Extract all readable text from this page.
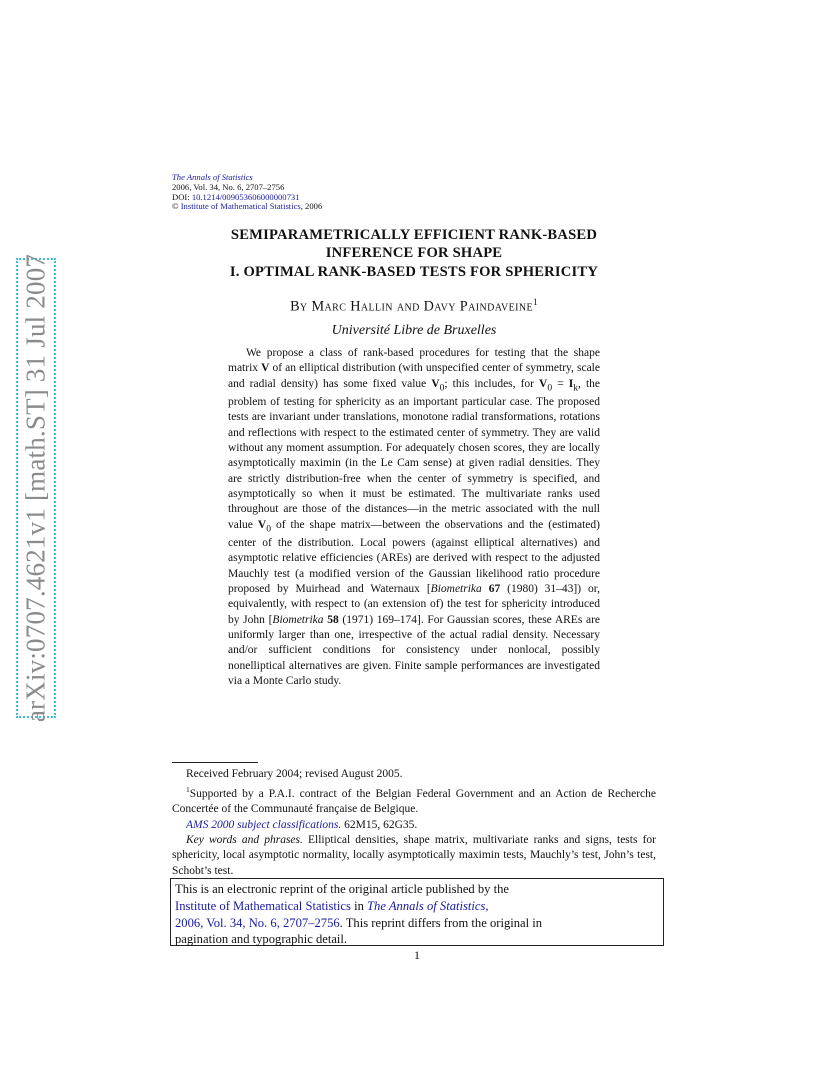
arXiv:0707.4621v1 [math.ST] 31 Jul 2007
The Annals of Statistics
2006, Vol. 34, No. 6, 2707–2756
DOI: 10.1214/009053606000000731
© Institute of Mathematical Statistics, 2006
SEMIPARAMETRICALLY EFFICIENT RANK-BASED
INFERENCE FOR SHAPE
I. OPTIMAL RANK-BASED TESTS FOR SPHERICITY
By Marc Hallin and Davy Paindaveine$^1$
Université Libre de Bruxelles
We propose a class of rank-based procedures for testing that the shape matrix V of an elliptical distribution (with unspecified center of symmetry, scale and radial density) has some fixed value $V_0$; this includes, for $V_0 = I_k$, the problem of testing for sphericity as an important particular case. The proposed tests are invariant under translations, monotone radial transformations, rotations and reflections with respect to the estimated center of symmetry. They are valid without any moment assumption. For adequately chosen scores, they are locally asymptotically maximin (in the Le Cam sense) at given radial densities. They are strictly distribution-free when the center of symmetry is specified, and asymptotically so when it must be estimated. The multivariate ranks used throughout are those of the distances—in the metric associated with the null value $V_0$ of the shape matrix—between the observations and the (estimated) center of the distribution. Local powers (against elliptical alternatives) and asymptotic relative efficiencies (AREs) are derived with respect to the adjusted Mauchly test (a modified version of the Gaussian likelihood ratio procedure proposed by Muirhead and Waternaux [Biometrika 67 (1980) 31–43]) or, equivalently, with respect to (an extension of) the test for sphericity introduced by John [Biometrika 58 (1971) 169–174]. For Gaussian scores, these AREs are uniformly larger than one, irrespective of the actual radial density. Necessary and/or sufficient conditions for consistency under nonlocal, possibly nonelliptical alternatives are given. Finite sample performances are investigated via a Monte Carlo study.
Received February 2004; revised August 2005.
$^1$Supported by a P.A.I. contract of the Belgian Federal Government and an Action de Recherche Concertée of the Communauté française de Belgique.
AMS 2000 subject classifications. 62M15, 62G35.
Key words and phrases. Elliptical densities, shape matrix, multivariate ranks and signs, tests for sphericity, local asymptotic normality, locally asymptotically maximin tests, Mauchly’s test, John’s test, Schobt’s test.
This is an electronic reprint of the original article published by the
Institute of Mathematical Statistics in The Annals of Statistics,
2006, Vol. 34, No. 6, 2707–2756. This reprint differs from the original in
pagination and typographic detail.
1
